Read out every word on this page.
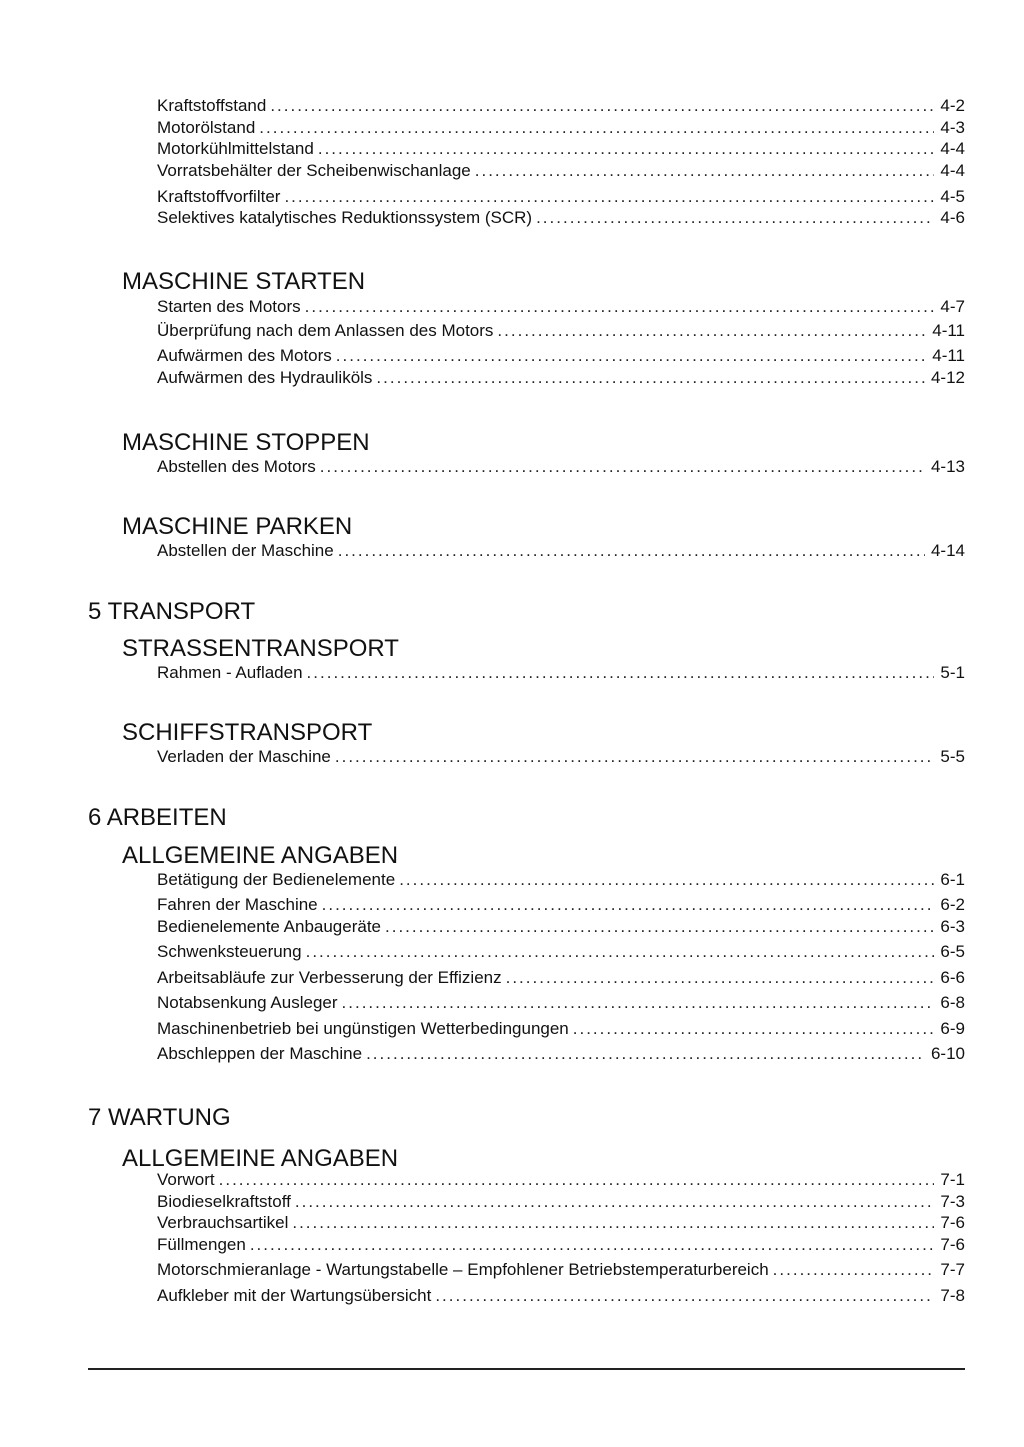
Kraftstoffstand .....	4-2
Motorölstand .....	4-3
Motorkühlmittelstand .....	4-4
Vorratsbehälter der Scheibenwischanlage .....	4-4
Kraftstoffvorfilter .....	4-5
Selektives katalytisches Reduktionssystem (SCR) .....	4-6
MASCHINE STARTEN
Starten des Motors .....	4-7
Überprüfung nach dem Anlassen des Motors .....	4-11
Aufwärmen des Motors .....	4-11
Aufwärmen des Hydrauliköls .....	4-12
MASCHINE STOPPEN
Abstellen des Motors .....	4-13
MASCHINE PARKEN
Abstellen der Maschine .....	4-14
5 TRANSPORT
STRASSENTRANSPORT
Rahmen - Aufladen .....	5-1
SCHIFFSTRANSPORT
Verladen der Maschine .....	5-5
6 ARBEITEN
ALLGEMEINE ANGABEN
Betätigung der Bedienelemente .....	6-1
Fahren der Maschine .....	6-2
Bedienelemente Anbaugeräte .....	6-3
Schwenksteuerung .....	6-5
Arbeitsabläufe zur Verbesserung der Effizienz .....	6-6
Notabsenkung Ausleger .....	6-8
Maschinenbetrieb bei ungünstigen Wetterbedingungen .....	6-9
Abschleppen der Maschine .....	6-10
7 WARTUNG
ALLGEMEINE ANGABEN
Vorwort .....	7-1
Biodieselkraftstoff .....	7-3
Verbrauchsartikel .....	7-6
Füllmengen .....	7-6
Motorschmieranlage - Wartungstabelle – Empfohlener Betriebstemperaturbereich .....	7-7
Aufkleber mit der Wartungsübersicht .....	7-8
